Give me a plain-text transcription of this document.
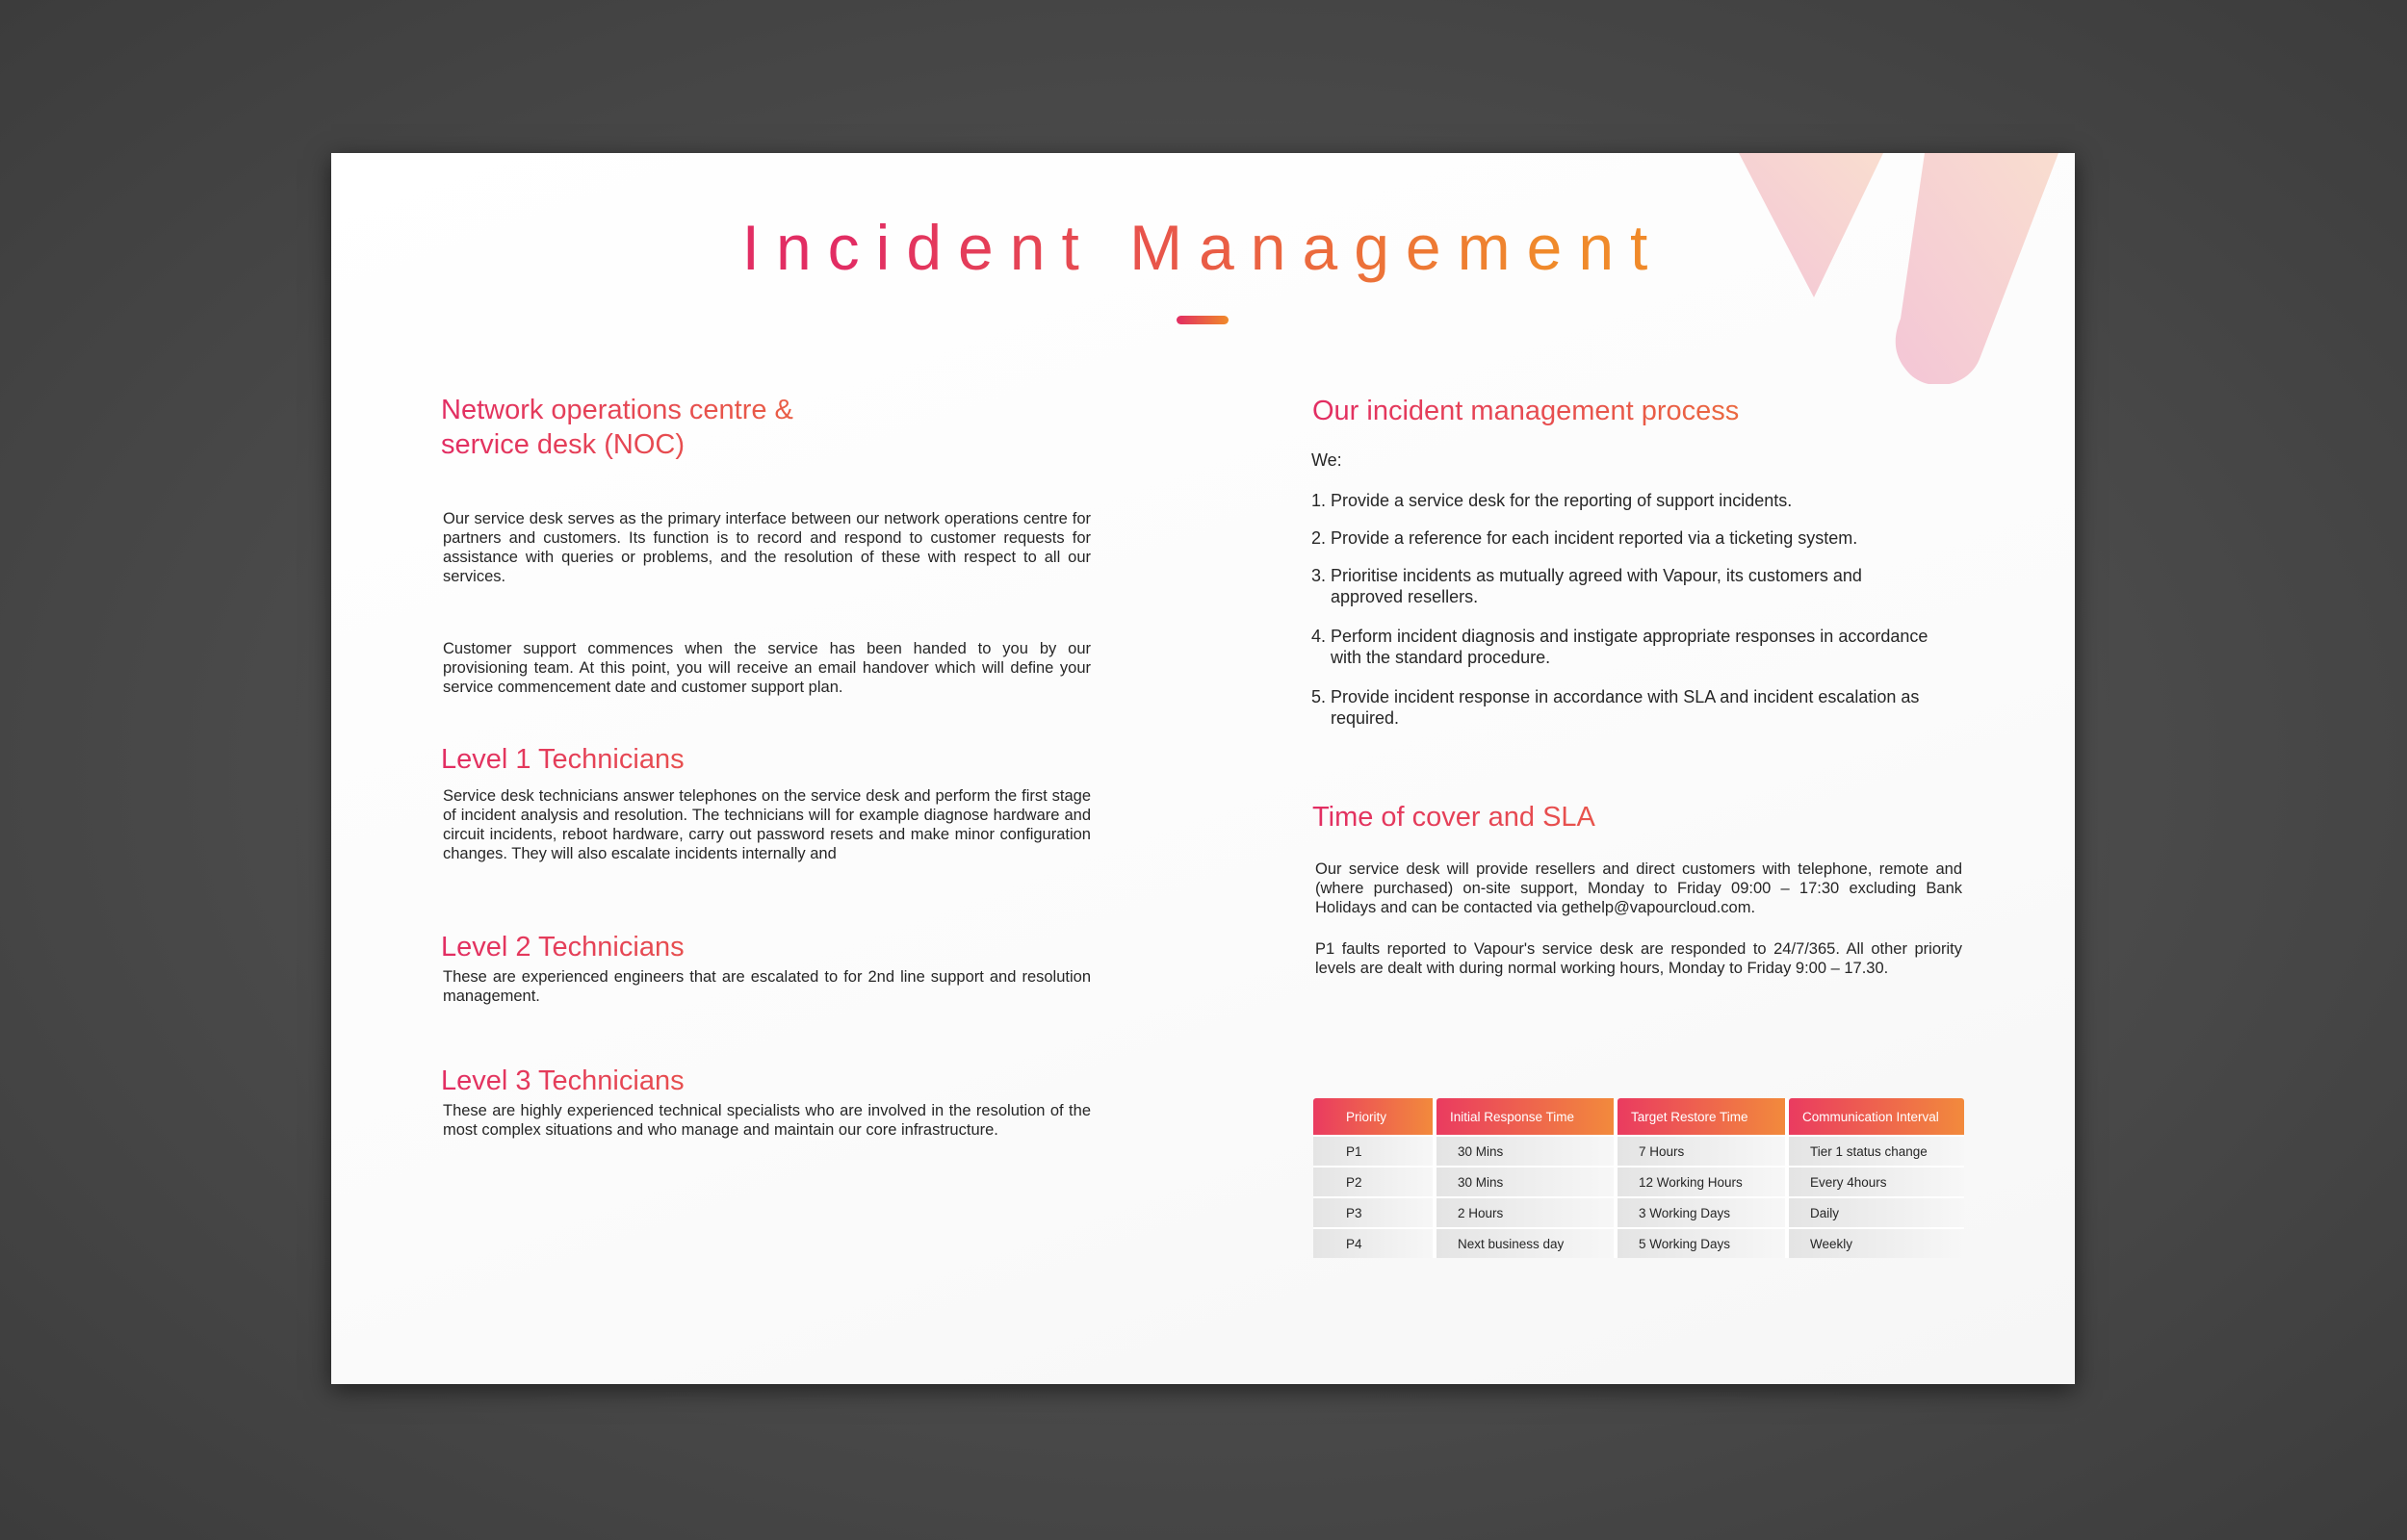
Incident Management
Network operations centre &
service desk (NOC)

Our service desk serves as the primary interface between our network operations centre for partners and customers. Its function is to record and respond to customer requests for assistance with queries or problems, and the resolution of these with respect to all our services.

Customer support commences when the service has been handed to you by our provisioning team. At this point, you will receive an email handover which will define your service commencement date and customer support plan.

Level 1 Technicians

Service desk technicians answer telephones on the service desk and perform the first stage of incident analysis and resolution. The technicians will for example diagnose hardware and circuit incidents, reboot hardware, carry out password resets and make minor configuration changes. They will also escalate incidents internally and

Level 2 Technicians

These are experienced engineers that are escalated to for 2nd line support and resolution management.

Level 3 Technicians

These are highly experienced technical specialists who are involved in the resolution of the most complex situations and who manage and maintain our core infrastructure.

Our incident management process

We:

1. Provide a service desk for the reporting of support incidents.
2. Provide a reference for each incident reported via a ticketing system.
3. Prioritise incidents as mutually agreed with Vapour, its customers and approved resellers.
4. Perform incident diagnosis and instigate appropriate responses in accordance with the standard procedure.
5. Provide incident response in accordance with SLA and incident escalation as required.
Time of cover and SLA

Our service desk will provide resellers and direct customers with telephone, remote and (where purchased) on-site support, Monday to Friday 09:00 – 17:30 excluding Bank Holidays and can be contacted via gethelp@vapourcloud.com.

P1 faults reported to Vapour's service desk are responded to 24/7/365. All other priority levels are dealt with during normal working hours, Monday to Friday 9:00 – 17.30.

Priority	Initial Response Time	Target Restore Time	Communication Interval
P1	30 Mins	7 Hours	Tier 1 status change
P2	30 Mins	12 Working Hours	Every 4hours
P3	2 Hours	3 Working Days	Daily
P4	Next business day	5 Working Days	Weekly
